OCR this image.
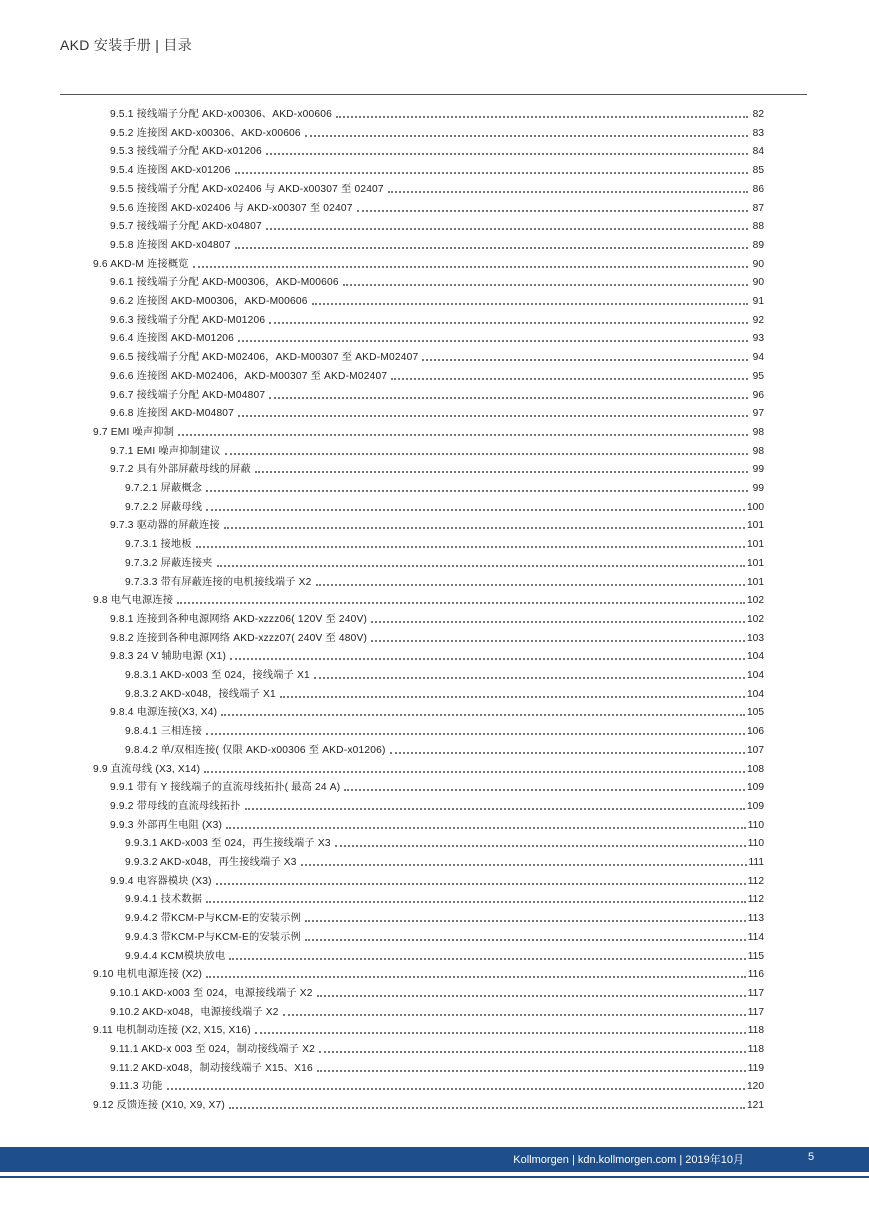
AKD 安装手册 | 目录
9.5.1 接线端子分配 AKD-x00306、AKD-x00606	82
9.5.2 连接图 AKD-x00306、AKD-x00606	83
9.5.3 接线端子分配 AKD-x01206	84
9.5.4 连接图 AKD-x01206	85
9.5.5 接线端子分配 AKD-x02406 与 AKD-x00307 至 02407	86
9.5.6 连接图 AKD-x02406 与 AKD-x00307 至 02407	87
9.5.7 接线端子分配 AKD-x04807	88
9.5.8 连接图 AKD-x04807	89
9.6 AKD-M 连接概览	90
9.6.1 接线端子分配 AKD-M00306，AKD-M00606	90
9.6.2 连接图 AKD-M00306，AKD-M00606	91
9.6.3 接线端子分配 AKD-M01206	92
9.6.4 连接图 AKD-M01206	93
9.6.5 接线端子分配 AKD-M02406，AKD-M00307 至 AKD-M02407	94
9.6.6 连接图 AKD-M02406，AKD-M00307 至 AKD-M02407	95
9.6.7 接线端子分配 AKD-M04807	96
9.6.8 连接图 AKD-M04807	97
9.7 EMI 噪声抑制	98
9.7.1 EMI 噪声抑制建议	98
9.7.2 具有外部屏蔽母线的屏蔽	99
9.7.2.1 屏蔽概念	99
9.7.2.2 屏蔽母线	100
9.7.3 驱动器的屏蔽连接	101
9.7.3.1 接地板	101
9.7.3.2 屏蔽连接夹	101
9.7.3.3 带有屏蔽连接的电机接线端子 X2	101
9.8 电气电源连接	102
9.8.1 连接到各种电源网络 AKD-xzzz06( 120V 至 240V)	102
9.8.2 连接到各种电源网络 AKD-xzzz07( 240V 至 480V)	103
9.8.3 24 V 辅助电源 (X1)	104
9.8.3.1 AKD-x003 至 024，接线端子 X1	104
9.8.3.2 AKD-x048，接线端子 X1	104
9.8.4 电源连接(X3, X4)	105
9.8.4.1 三相连接	106
9.8.4.2 单/双相连接( 仅限 AKD-x00306 至 AKD-x01206)	107
9.9 直流母线 (X3, X14)	108
9.9.1 带有 Y 接线端子的直流母线拓扑( 最高 24 A)	109
9.9.2 带母线的直流母线拓扑	109
9.9.3 外部再生电阻 (X3)	110
9.9.3.1 AKD-x003 至 024，再生接线端子 X3	110
9.9.3.2 AKD-x048，再生接线端子 X3	111
9.9.4 电容器模块 (X3)	112
9.9.4.1 技术数据	112
9.9.4.2 带KCM-P与KCM-E的安装示例	113
9.9.4.3 带KCM-P与KCM-E的安装示例	114
9.9.4.4 KCM模块放电	115
9.10 电机电源连接 (X2)	116
9.10.1 AKD-x003 至 024，电源接线端子 X2	117
9.10.2 AKD-x048，电源接线端子 X2	117
9.11 电机制动连接 (X2, X15, X16)	118
9.11.1 AKD-x 003 至 024，制动接线端子 X2	118
9.11.2 AKD-x048，制动接线端子 X15、X16	119
9.11.3 功能	120
9.12 反馈连接 (X10, X9, X7)	121
Kollmorgen | kdn.kollmorgen.com | 2019年10月	5
